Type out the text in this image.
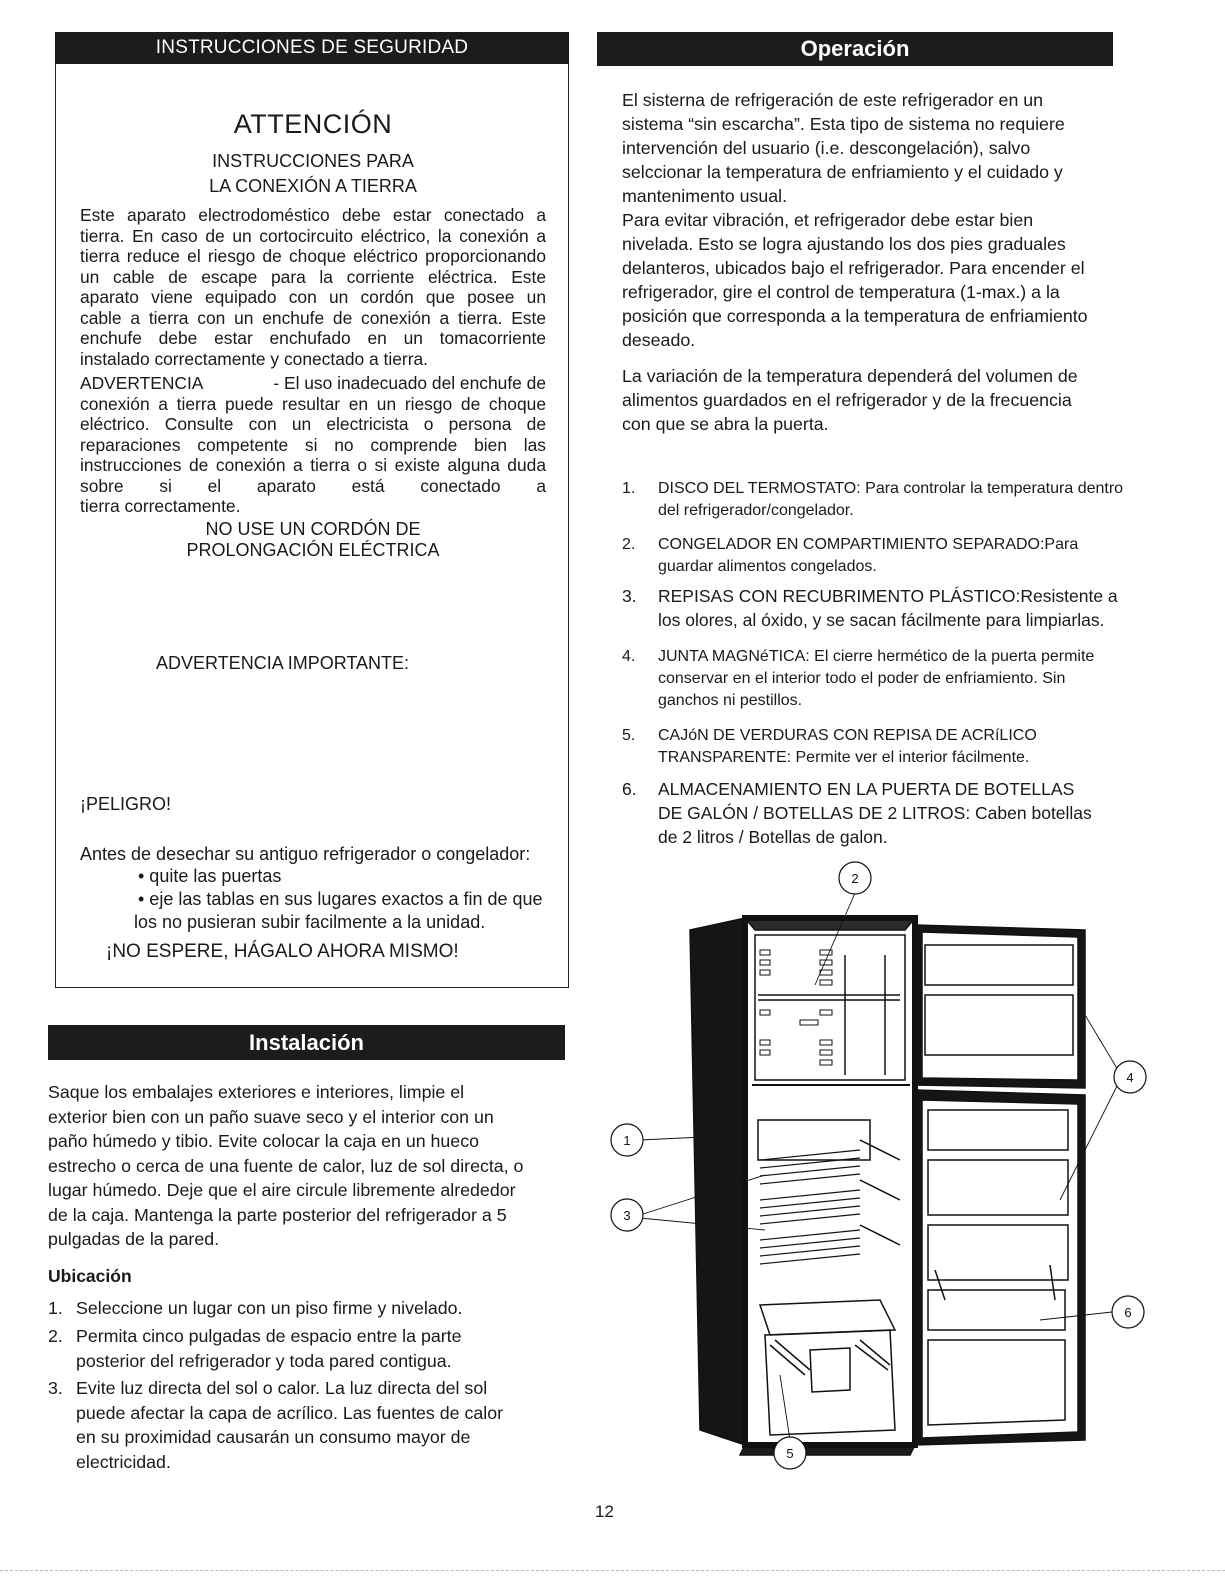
ATTENCIÓN
INSTRUCCIONES PARA
LA CONEXIÓN A TIERRA
Este aparato electrodoméstico debe estar conectado a
tierra. En caso de un cortocircuito eléctrico, la conexión a
tierra reduce el riesgo de choque eléctrico proporcionando
un cable de escape para la corriente eléctrica. Este
aparato viene equipado con un cordón que posee un
cable a tierra con un enchufe de conexión a tierra. Este
enchufe debe estar enchufado en un tomacorriente
instalado correctamente y conectado a tierra.
ADVERTENCIA	- El uso inadecuado del enchufe de
conexión a tierra puede resultar en un riesgo de choque
eléctrico. Consulte con un electricista o persona de
reparaciones competente si no comprende bien las
instrucciones de conexión a tierra o si existe alguna duda
sobre si el aparato está conectado a
tierra correctamente.
NO USE UN CORDÓN DE
PROLONGACIÓN ELÉCTRICA
ADVERTENCIA IMPORTANTE:
¡PELIGRO!
Antes de desechar su antiguo refrigerador o congelador:
• quite las puertas
• eje las tablas en sus lugares exactos a fin de que
los no pusieran subir facilmente a la unidad.
¡NO ESPERE, HÁGALO AHORA MISMO!
INSTRUCCIONES DE SEGURIDAD	Operación
El sisterna de refrigeración de este refrigerador en un
sistema “sin escarcha”. Esta tipo de sistema no requiere
intervención del usuario (i.e. descongelación), salvo
selccionar la temperatura de enfriamiento y el cuidado y
mantenimento usual.
Para evitar vibración, et refrigerador debe estar bien
nivelada. Esto se logra ajustando los dos pies graduales
delanteros, ubicados bajo el refrigerador. Para encender el
refrigerador, gire el control de temperatura (1-max.) a la
posición que corresponda a la temperatura de enfriamiento
deseado.
La variación de la temperatura dependerá del volumen de
alimentos guardados en el refrigerador y de la frecuencia
con que se abra la puerta.
1. DISCO DEL TERMOSTATO: Para controlar la temperatura dentro
del refrigerador/congelador.
2. CONGELADOR EN COMPARTIMIENTO SEPARADO:Para
guardar alimentos congelados.
3. REPISAS CON RECUBRIMENTO PLÁSTICO:Resistente a
los olores, al óxido, y se sacan fácilmente para limpiarlas.
4. JUNTA MAGNéTICA: El cierre hermético de la puerta permite
conservar en el interior todo el poder de enfriamiento. Sin
ganchos ni pestillos.
5. CAJóN DE VERDURAS CON REPISA DE ACRíLICO
TRANSPARENTE: Permite ver el interior fácilmente.
6. ALMACENAMIENTO EN LA PUERTA DE BOTELLAS
DE GALÓN / BOTELLAS DE 2 LITROS: Caben botellas
de 2 litros / Botellas de galon.
1
2
3
4
5
6
Instalación
Saque los embalajes exteriores e interiores, limpie el
exterior bien con un paño suave seco y el interior con un
paño húmedo y tibio. Evite colocar la caja en un hueco
estrecho o cerca de una fuente de calor, luz de sol directa, o
lugar húmedo. Deje que el aire circule libremente alrededor
de la caja. Mantenga la parte posterior del refrigerador a 5
pulgadas de la pared.
Ubicación
1. Seleccione un lugar con un piso firme y nivelado.
2. Permita cinco pulgadas de espacio entre la parte
posterior del refrigerador y toda pared contigua.
3. Evite luz directa del sol o calor. La luz directa del sol
puede afectar la capa de acrílico. Las fuentes de calor
en su proximidad causarán un consumo mayor de
electricidad.
12
